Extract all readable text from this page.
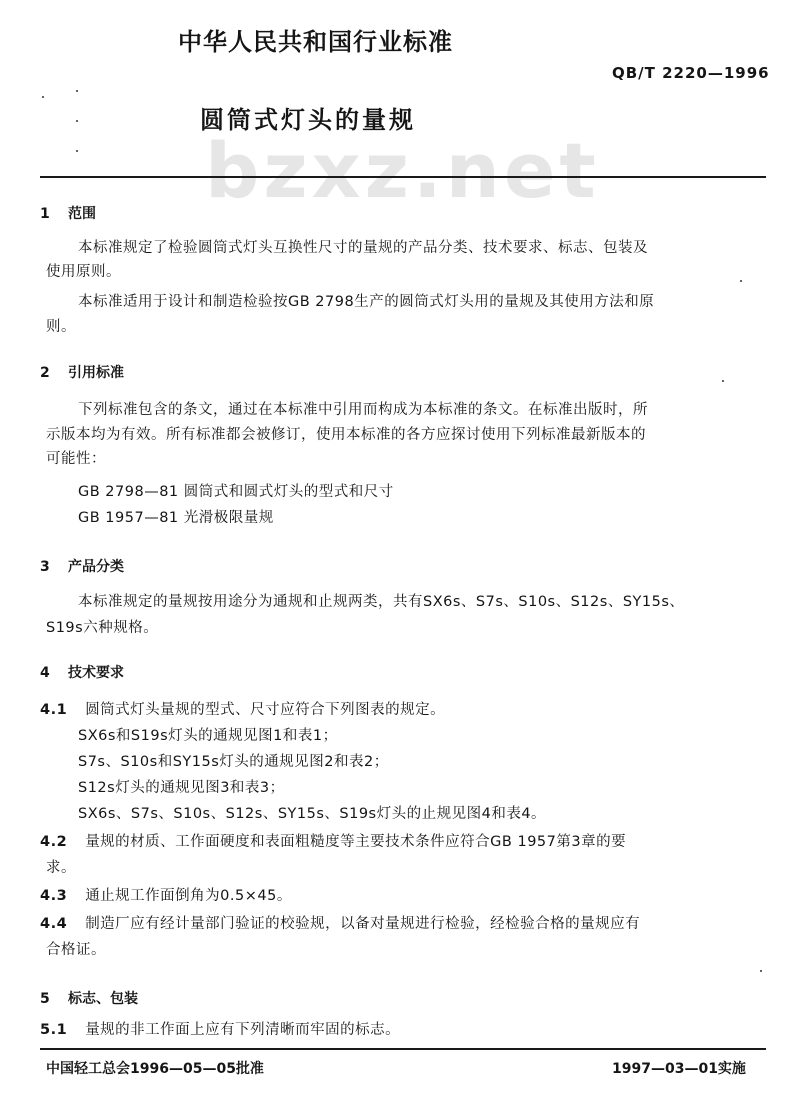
中华人民共和国行业标准
QB/T 2220—1996
bzxz.net
圆筒式灯头的量规
1 范围
本标准规定了检验圆筒式灯头互换性尺寸的量规的产品分类、技术要求、标志、包装及
使用原则。
本标准适用于设计和制造检验按GB 2798生产的圆筒式灯头用的量规及其使用方法和原
则。
2 引用标准
下列标准包含的条文，通过在本标准中引用而构成为本标准的条文。在标准出版时，所
示版本均为有效。所有标准都会被修订，使用本标准的各方应探讨使用下列标准最新版本的
可能性：
GB 2798—81 圆筒式和圆式灯头的型式和尺寸
GB 1957—81 光滑极限量规
3 产品分类
本标准规定的量规按用途分为通规和止规两类，共有SX6s、S7s、S10s、S12s、SY15s、
S19s六种规格。
4 技术要求
4.1 圆筒式灯头量规的型式、尺寸应符合下列图表的规定。
SX6s和S19s灯头的通规见图1和表1；
S7s、S10s和SY15s灯头的通规见图2和表2；
S12s灯头的通规见图3和表3；
SX6s、S7s、S10s、S12s、SY15s、S19s灯头的止规见图4和表4。
4.2 量规的材质、工作面硬度和表面粗糙度等主要技术条件应符合GB 1957第3章的要
求。
4.3 通止规工作面倒角为0.5×45。
4.4 制造厂应有经计量部门验证的校验规，以备对量规进行检验，经检验合格的量规应有
合格证。
5 标志、包装
5.1 量规的非工作面上应有下列清晰而牢固的标志。
中国轻工总会1996—05—05批准	1997—03—01实施
